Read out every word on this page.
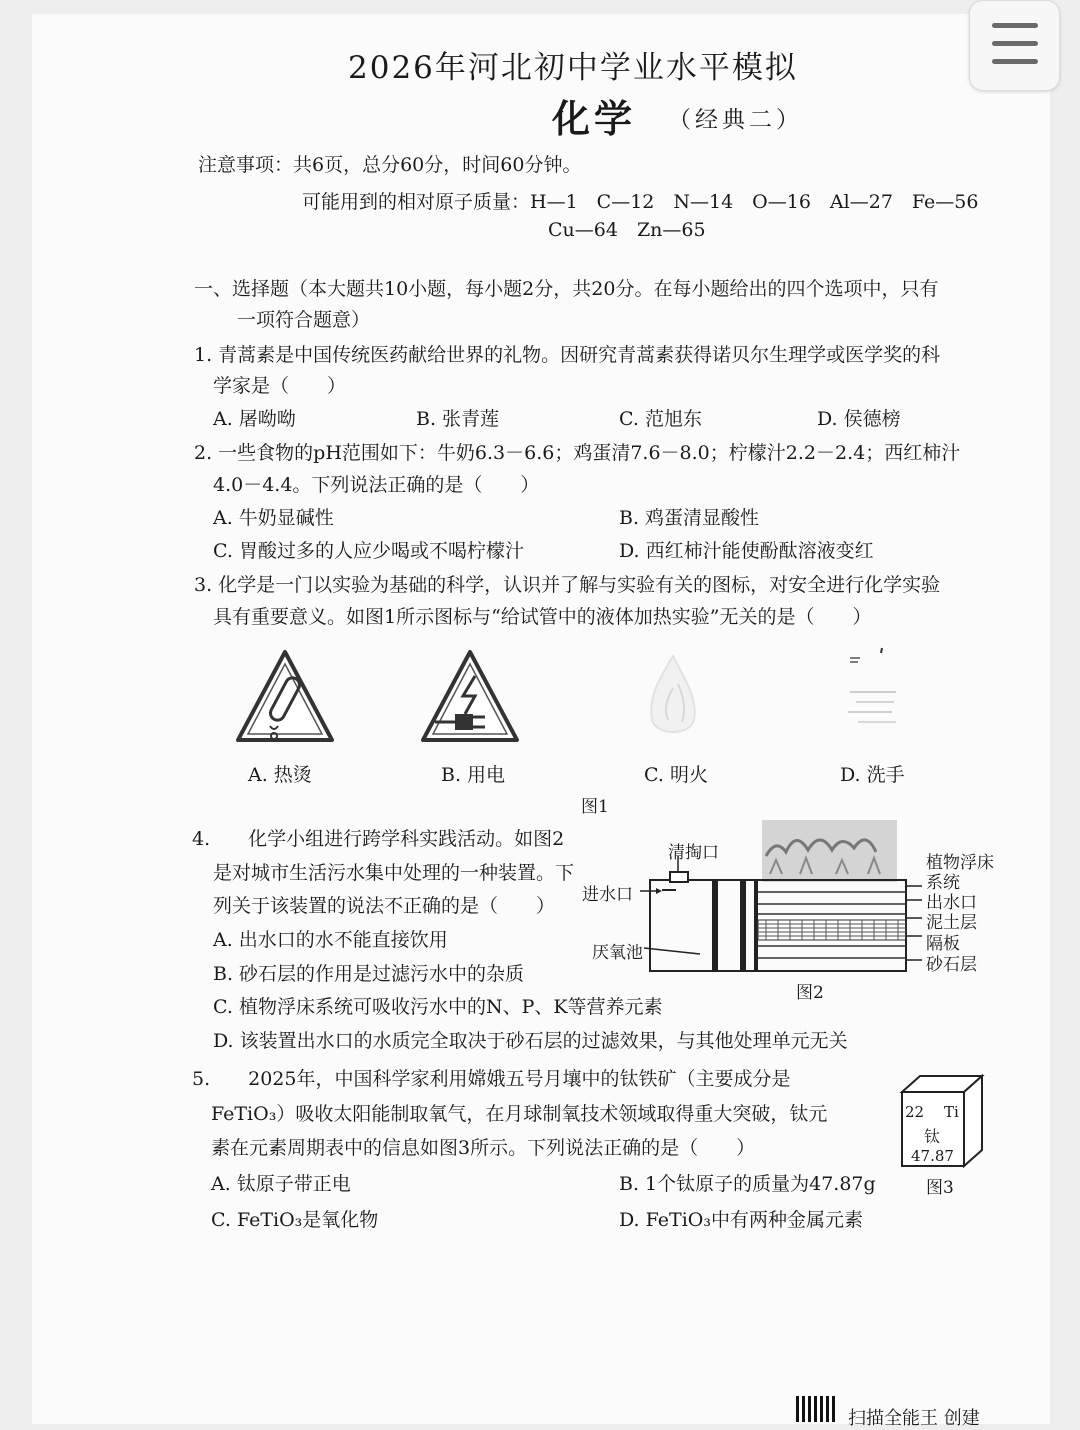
2026年河北初中学业水平模拟
化学 （经典二）
注意事项：共6页，总分60分，时间60分钟。
可能用到的相对原子质量：H—1　C—12　N—14　O—16　Al—27　Fe—56
Cu—64　Zn—65
一、选择题（本大题共10小题，每小题2分，共20分。在每小题给出的四个选项中，只有
一项符合题意）
1. 青蒿素是中国传统医药献给世界的礼物。因研究青蒿素获得诺贝尔生理学或医学奖的科
学家是（　　）
A. 屠呦呦	B. 张青莲	C. 范旭东	D. 侯德榜
2. 一些食物的pH范围如下：牛奶6.3－6.6；鸡蛋清7.6－8.0；柠檬汁2.2－2.4；西红柿汁
4.0－4.4。下列说法正确的是（　　）
A. 牛奶显碱性	B. 鸡蛋清显酸性
C. 胃酸过多的人应少喝或不喝柠檬汁	D. 西红柿汁能使酚酞溶液变红
3. 化学是一门以实验为基础的科学，认识并了解与实验有关的图标，对安全进行化学实验
具有重要意义。如图1所示图标与“给试管中的液体加热实验”无关的是（　　）
A. 热烫	B. 用电	C. 明火	D. 洗手
图1
4.　　化学小组进行跨学科实践活动。如图2
是对城市生活污水集中处理的一种装置。下
列关于该装置的说法不正确的是（　　）
A. 出水口的水不能直接饮用
B. 砂石层的作用是过滤污水中的杂质
C. 植物浮床系统可吸收污水中的N、P、K等营养元素
D. 该装置出水口的水质完全取决于砂石层的过滤效果，与其他处理单元无关
清掏口
进水口
厌氧池
植物浮床
系统
出水口
泥土层
隔板
砂石层
图2
5.　　2025年，中国科学家利用嫦娥五号月壤中的钛铁矿（主要成分是
FeTiO₃）吸收太阳能制取氧气，在月球制氧技术领域取得重大突破，钛元
素在元素周期表中的信息如图3所示。下列说法正确的是（　　）
A. 钛原子带正电	B. 1个钛原子的质量为47.87g
C. FeTiO₃是氧化物	D. FeTiO₃中有两种金属元素
22 Ti
钛
47.87
图3
扫描全能王 创建
